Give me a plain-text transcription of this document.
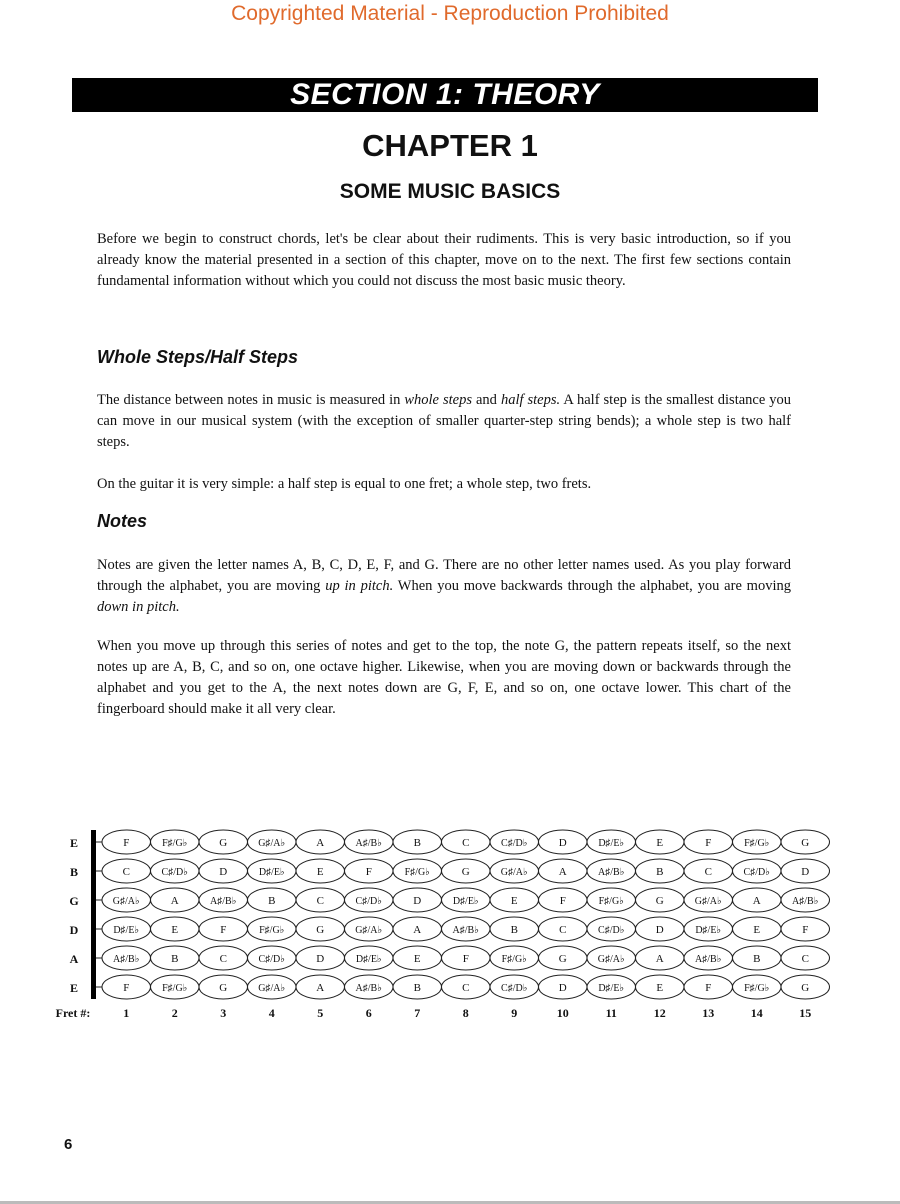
Copyrighted Material - Reproduction Prohibited
SECTION 1: THEORY
CHAPTER 1
SOME MUSIC BASICS

Before we begin to construct chords, let's be clear about their rudiments. This is very basic introduction, so if you already know the material presented in a section of this chapter, move on to the next. The first few sections contain fundamental information without which you could not discuss the most basic music theory.

Whole Steps/Half Steps

The distance between notes in music is measured in whole steps and half steps. A half step is the smallest distance you can move in our musical system (with the exception of smaller quarter-step string bends); a whole step is two half steps.

On the guitar it is very simple: a half step is equal to one fret; a whole step, two frets.

Notes

Notes are given the letter names A, B, C, D, E, F, and G. There are no other letter names used. As you play forward through the alphabet, you are moving up in pitch. When you move backwards through the alphabet, you are moving down in pitch.

When you move up through this series of notes and get to the top, the note G, the pattern repeats itself, so the next notes up are A, B, C, and so on, one octave higher. Likewise, when you are moving down or backwards through the alphabet and you get to the A, the next notes down are G, F, E, and so on, one octave lower. This chart of the fingerboard should make it all very clear.

E	F	F♯/G♭	G	G♯/A♭	A	A♯/B♭	B	C	C♯/D♭	D	D♯/E♭	E	F	F♯/G♭	G
B	C	C♯/D♭	D	D♯/E♭	E	F	F♯/G♭	G	G♯/A♭	A	A♯/B♭	B	C	C♯/D♭	D
G	G♯/A♭	A	A♯/B♭	B	C	C♯/D♭	D	D♯/E♭	E	F	F♯/G♭	G	G♯/A♭	A	A♯/B♭
D	D♯/E♭	E	F	F♯/G♭	G	G♯/A♭	A	A♯/B♭	B	C	C♯/D♭	D	D♯/E♭	E	F
A	A♯/B♭	B	C	C♯/D♭	D	D♯/E♭	E	F	F♯/G♭	G	G♯/A♭	A	A♯/B♭	B	C
E	F	F♯/G♭	G	G♯/A♭	A	A♯/B♭	B	C	C♯/D♭	D	D♯/E♭	E	F	F♯/G♭	G
Fret #:	1	2	3	4	5	6	7	8	9	10	11	12	13	14	15
6
